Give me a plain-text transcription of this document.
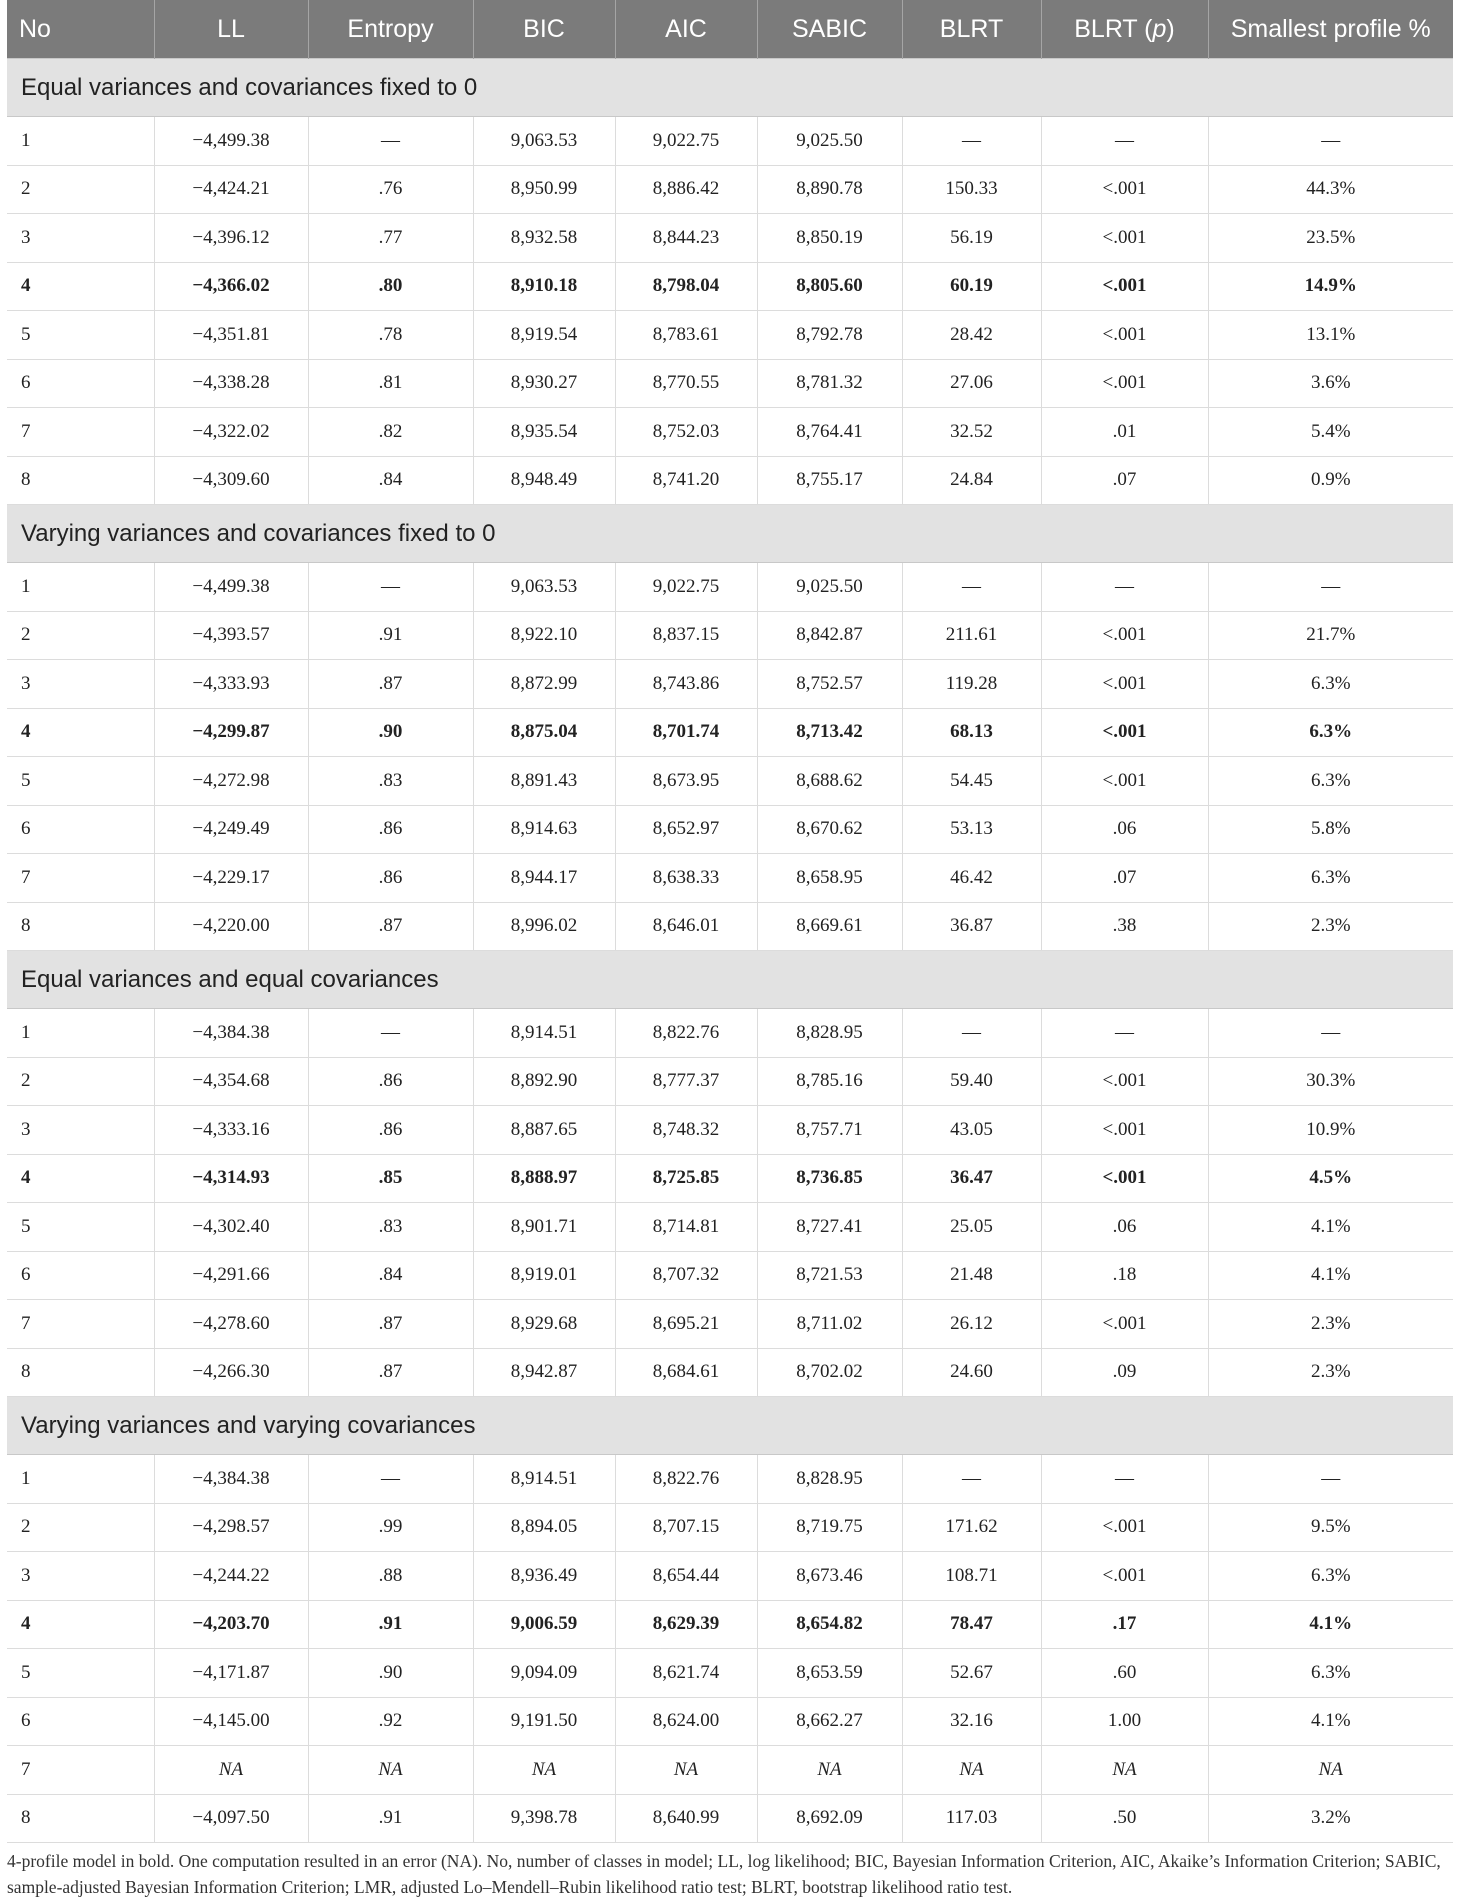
No	LL	Entropy	BIC	AIC	SABIC	BLRT	BLRT (p)	Smallest profile %
Equal variances and covariances fixed to 0								
1	−4,499.38	—	9,063.53	9,022.75	9,025.50	—	—	—
2	−4,424.21	.76	8,950.99	8,886.42	8,890.78	150.33	<.001	44.3%
3	−4,396.12	.77	8,932.58	8,844.23	8,850.19	56.19	<.001	23.5%
4	−4,366.02	.80	8,910.18	8,798.04	8,805.60	60.19	<.001	14.9%
5	−4,351.81	.78	8,919.54	8,783.61	8,792.78	28.42	<.001	13.1%
6	−4,338.28	.81	8,930.27	8,770.55	8,781.32	27.06	<.001	3.6%
7	−4,322.02	.82	8,935.54	8,752.03	8,764.41	32.52	.01	5.4%
8	−4,309.60	.84	8,948.49	8,741.20	8,755.17	24.84	.07	0.9%
Varying variances and covariances fixed to 0								
1	−4,499.38	—	9,063.53	9,022.75	9,025.50	—	—	—
2	−4,393.57	.91	8,922.10	8,837.15	8,842.87	211.61	<.001	21.7%
3	−4,333.93	.87	8,872.99	8,743.86	8,752.57	119.28	<.001	6.3%
4	−4,299.87	.90	8,875.04	8,701.74	8,713.42	68.13	<.001	6.3%
5	−4,272.98	.83	8,891.43	8,673.95	8,688.62	54.45	<.001	6.3%
6	−4,249.49	.86	8,914.63	8,652.97	8,670.62	53.13	.06	5.8%
7	−4,229.17	.86	8,944.17	8,638.33	8,658.95	46.42	.07	6.3%
8	−4,220.00	.87	8,996.02	8,646.01	8,669.61	36.87	.38	2.3%
Equal variances and equal covariances								
1	−4,384.38	—	8,914.51	8,822.76	8,828.95	—	—	—
2	−4,354.68	.86	8,892.90	8,777.37	8,785.16	59.40	<.001	30.3%
3	−4,333.16	.86	8,887.65	8,748.32	8,757.71	43.05	<.001	10.9%
4	−4,314.93	.85	8,888.97	8,725.85	8,736.85	36.47	<.001	4.5%
5	−4,302.40	.83	8,901.71	8,714.81	8,727.41	25.05	.06	4.1%
6	−4,291.66	.84	8,919.01	8,707.32	8,721.53	21.48	.18	4.1%
7	−4,278.60	.87	8,929.68	8,695.21	8,711.02	26.12	<.001	2.3%
8	−4,266.30	.87	8,942.87	8,684.61	8,702.02	24.60	.09	2.3%
Varying variances and varying covariances								
1	−4,384.38	—	8,914.51	8,822.76	8,828.95	—	—	—
2	−4,298.57	.99	8,894.05	8,707.15	8,719.75	171.62	<.001	9.5%
3	−4,244.22	.88	8,936.49	8,654.44	8,673.46	108.71	<.001	6.3%
4	−4,203.70	.91	9,006.59	8,629.39	8,654.82	78.47	.17	4.1%
5	−4,171.87	.90	9,094.09	8,621.74	8,653.59	52.67	.60	6.3%
6	−4,145.00	.92	9,191.50	8,624.00	8,662.27	32.16	1.00	4.1%
7	NA	NA	NA	NA	NA	NA	NA	NA
8	−4,097.50	.91	9,398.78	8,640.99	8,692.09	117.03	.50	3.2%
4-profile model in bold. One computation resulted in an error (NA). No, number of classes in model; LL, log likelihood; BIC, Bayesian Information Criterion, AIC, Akaike’s Information Criterion; SABIC, sample-adjusted Bayesian Information Criterion; LMR, adjusted Lo–Mendell–Rubin likelihood ratio test; BLRT, bootstrap likelihood ratio test.
